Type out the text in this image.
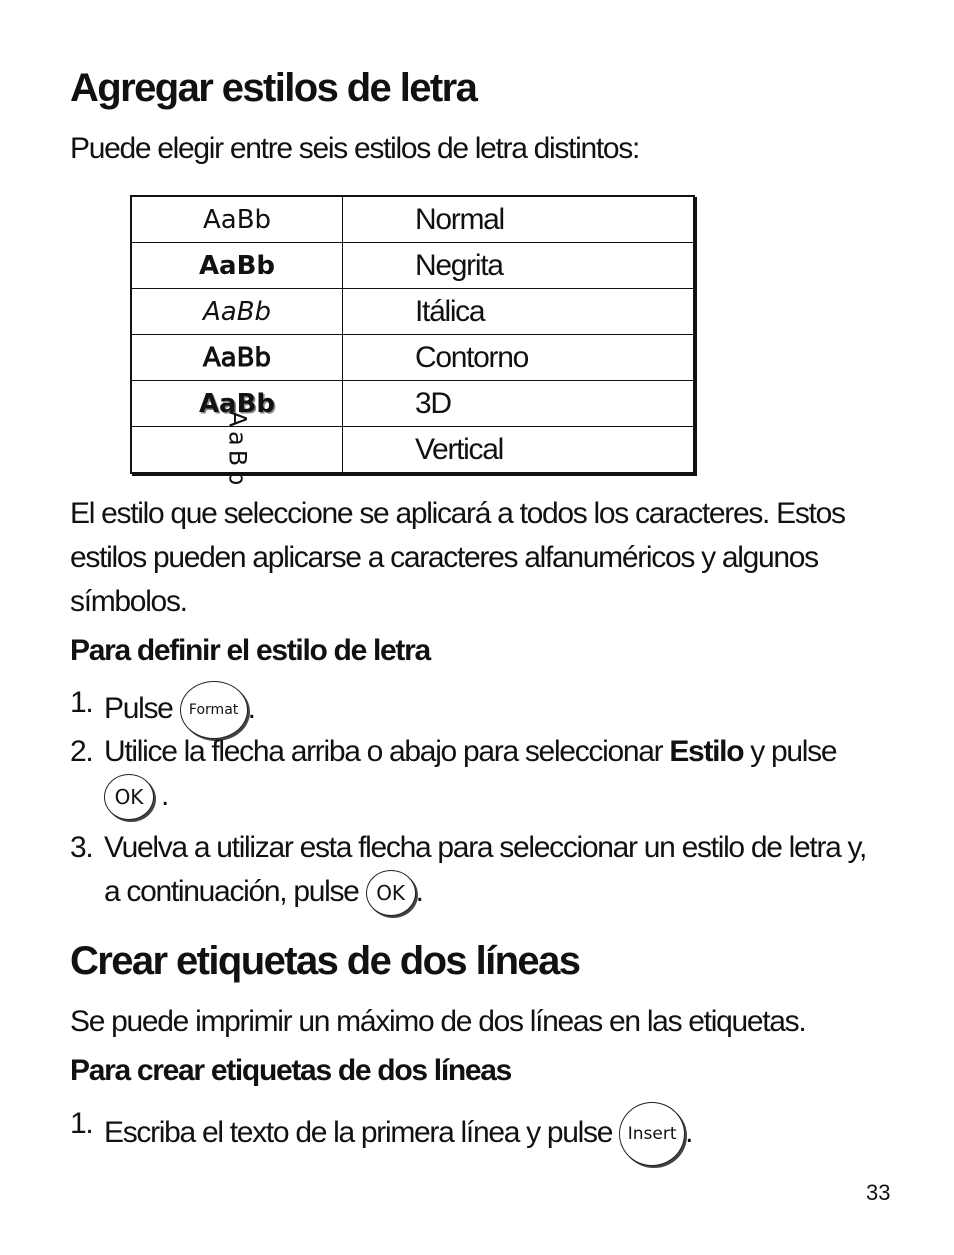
Agregar estilos de letra

Puede elegir entre seis estilos de letra distintos:

AaBb	Normal
AaBb	Negrita
AaBb	Itálica
AaBb	Contorno
AaBb	3D
AaBb	Vertical

El estilo que seleccione se aplicará a todos los caracteres. Estos
estilos pueden aplicarse a caracteres alfanuméricos y algunos
símbolos.

Para definir el estilo de letra
1. Pulse Format .
2. Utilice la flecha arriba o abajo para seleccionar Estilo y pulse

OK .
3. Vuelva a utilizar esta flecha para seleccionar un estilo de letra y,
a continuación, pulse OK .
Crear etiquetas de dos líneas

Se puede imprimir un máximo de dos líneas en las etiquetas.

Para crear etiquetas de dos líneas
1. Escriba el texto de la primera línea y pulse Insert .
33
